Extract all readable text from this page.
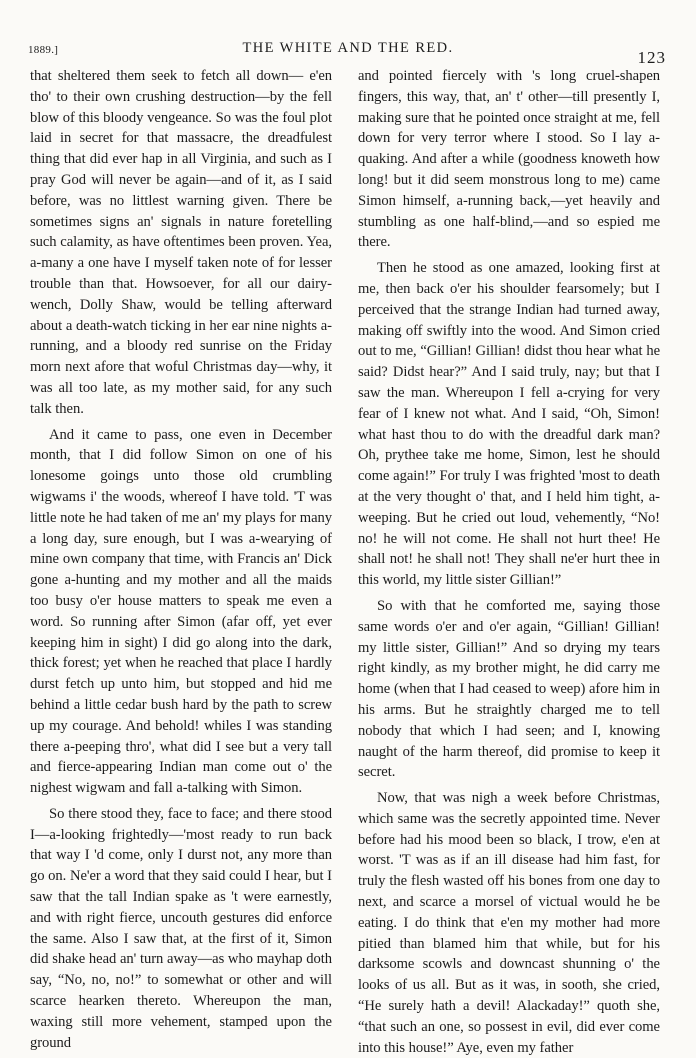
1889.]	THE WHITE AND THE RED.	123

that sheltered them seek to fetch all down— e'en tho' to their own crushing destruction—by the fell blow of this bloody vengeance. So was the foul plot laid in secret for that massacre, the dreadfulest thing that did ever hap in all Virginia, and such as I pray God will never be again—and of it, as I said before, was no littlest warning given. There be sometimes signs an' signals in nature foretelling such calamity, as have oftentimes been proven. Yea, a-many a one have I myself taken note of for lesser trouble than that. Howsoever, for all our dairy-wench, Dolly Shaw, would be telling afterward about a death-watch ticking in her ear nine nights a-running, and a bloody red sunrise on the Friday morn next afore that woful Christmas day—why, it was all too late, as my mother said, for any such talk then.

And it came to pass, one even in December month, that I did follow Simon on one of his lonesome goings unto those old crumbling wigwams i' the woods, whereof I have told. 'T was little note he had taken of me an' my plays for many a long day, sure enough, but I was a-wearying of mine own company that time, with Francis an' Dick gone a-hunting and my mother and all the maids too busy o'er house matters to speak me even a word. So running after Simon (afar off, yet ever keeping him in sight) I did go along into the dark, thick forest; yet when he reached that place I hardly durst fetch up unto him, but stopped and hid me behind a little cedar bush hard by the path to screw up my courage. And behold! whiles I was standing there a-peeping thro', what did I see but a very tall and fierce-appearing Indian man come out o' the nighest wigwam and fall a-talking with Simon.

So there stood they, face to face; and there stood I—a-looking frightedly—'most ready to run back that way I 'd come, only I durst not, any more than go on. Ne'er a word that they said could I hear, but I saw that the tall Indian spake as 't were earnestly, and with right fierce, uncouth gestures did enforce the same. Also I saw that, at the first of it, Simon did shake head an' turn away—as who mayhap doth say, “No, no, no!” to somewhat or other and will scarce hearken thereto. Whereupon the man, waxing still more vehement, stamped upon the ground

and pointed fiercely with 's long cruel-shapen fingers, this way, that, an' t' other—till presently I, making sure that he pointed once straight at me, fell down for very terror where I stood. So I lay a-quaking. And after a while (goodness knoweth how long! but it did seem monstrous long to me) came Simon himself, a-running back,—yet heavily and stumbling as one half-blind,—and so espied me there.

Then he stood as one amazed, looking first at me, then back o'er his shoulder fearsomely; but I perceived that the strange Indian had turned away, making off swiftly into the wood. And Simon cried out to me, “Gillian! Gillian! didst thou hear what he said? Didst hear?” And I said truly, nay; but that I saw the man. Whereupon I fell a-crying for very fear of I knew not what. And I said, “Oh, Simon! what hast thou to do with the dreadful dark man? Oh, prythee take me home, Simon, lest he should come again!” For truly I was frighted 'most to death at the very thought o' that, and I held him tight, a-weeping. But he cried out loud, vehemently, “No! no! he will not come. He shall not hurt thee! He shall not! he shall not! They shall ne'er hurt thee in this world, my little sister Gillian!”

So with that he comforted me, saying those same words o'er and o'er again, “Gillian! Gillian! my little sister, Gillian!” And so drying my tears right kindly, as my brother might, he did carry me home (when that I had ceased to weep) afore him in his arms. But he straightly charged me to tell nobody that which I had seen; and I, knowing naught of the harm thereof, did promise to keep it secret.

Now, that was nigh a week before Christmas, which same was the secretly appointed time. Never before had his mood been so black, I trow, e'en at worst. 'T was as if an ill disease had him fast, for truly the flesh wasted off his bones from one day to next, and scarce a morsel of victual would he be eating. I do think that e'en my mother had more pitied than blamed him that while, but for his darksome scowls and downcast shunning o' the looks of us all. But as it was, in sooth, she cried, “He surely hath a devil! Alackaday!” quoth she, “that such an one, so possest in evil, did ever come into this house!” Aye, even my father
